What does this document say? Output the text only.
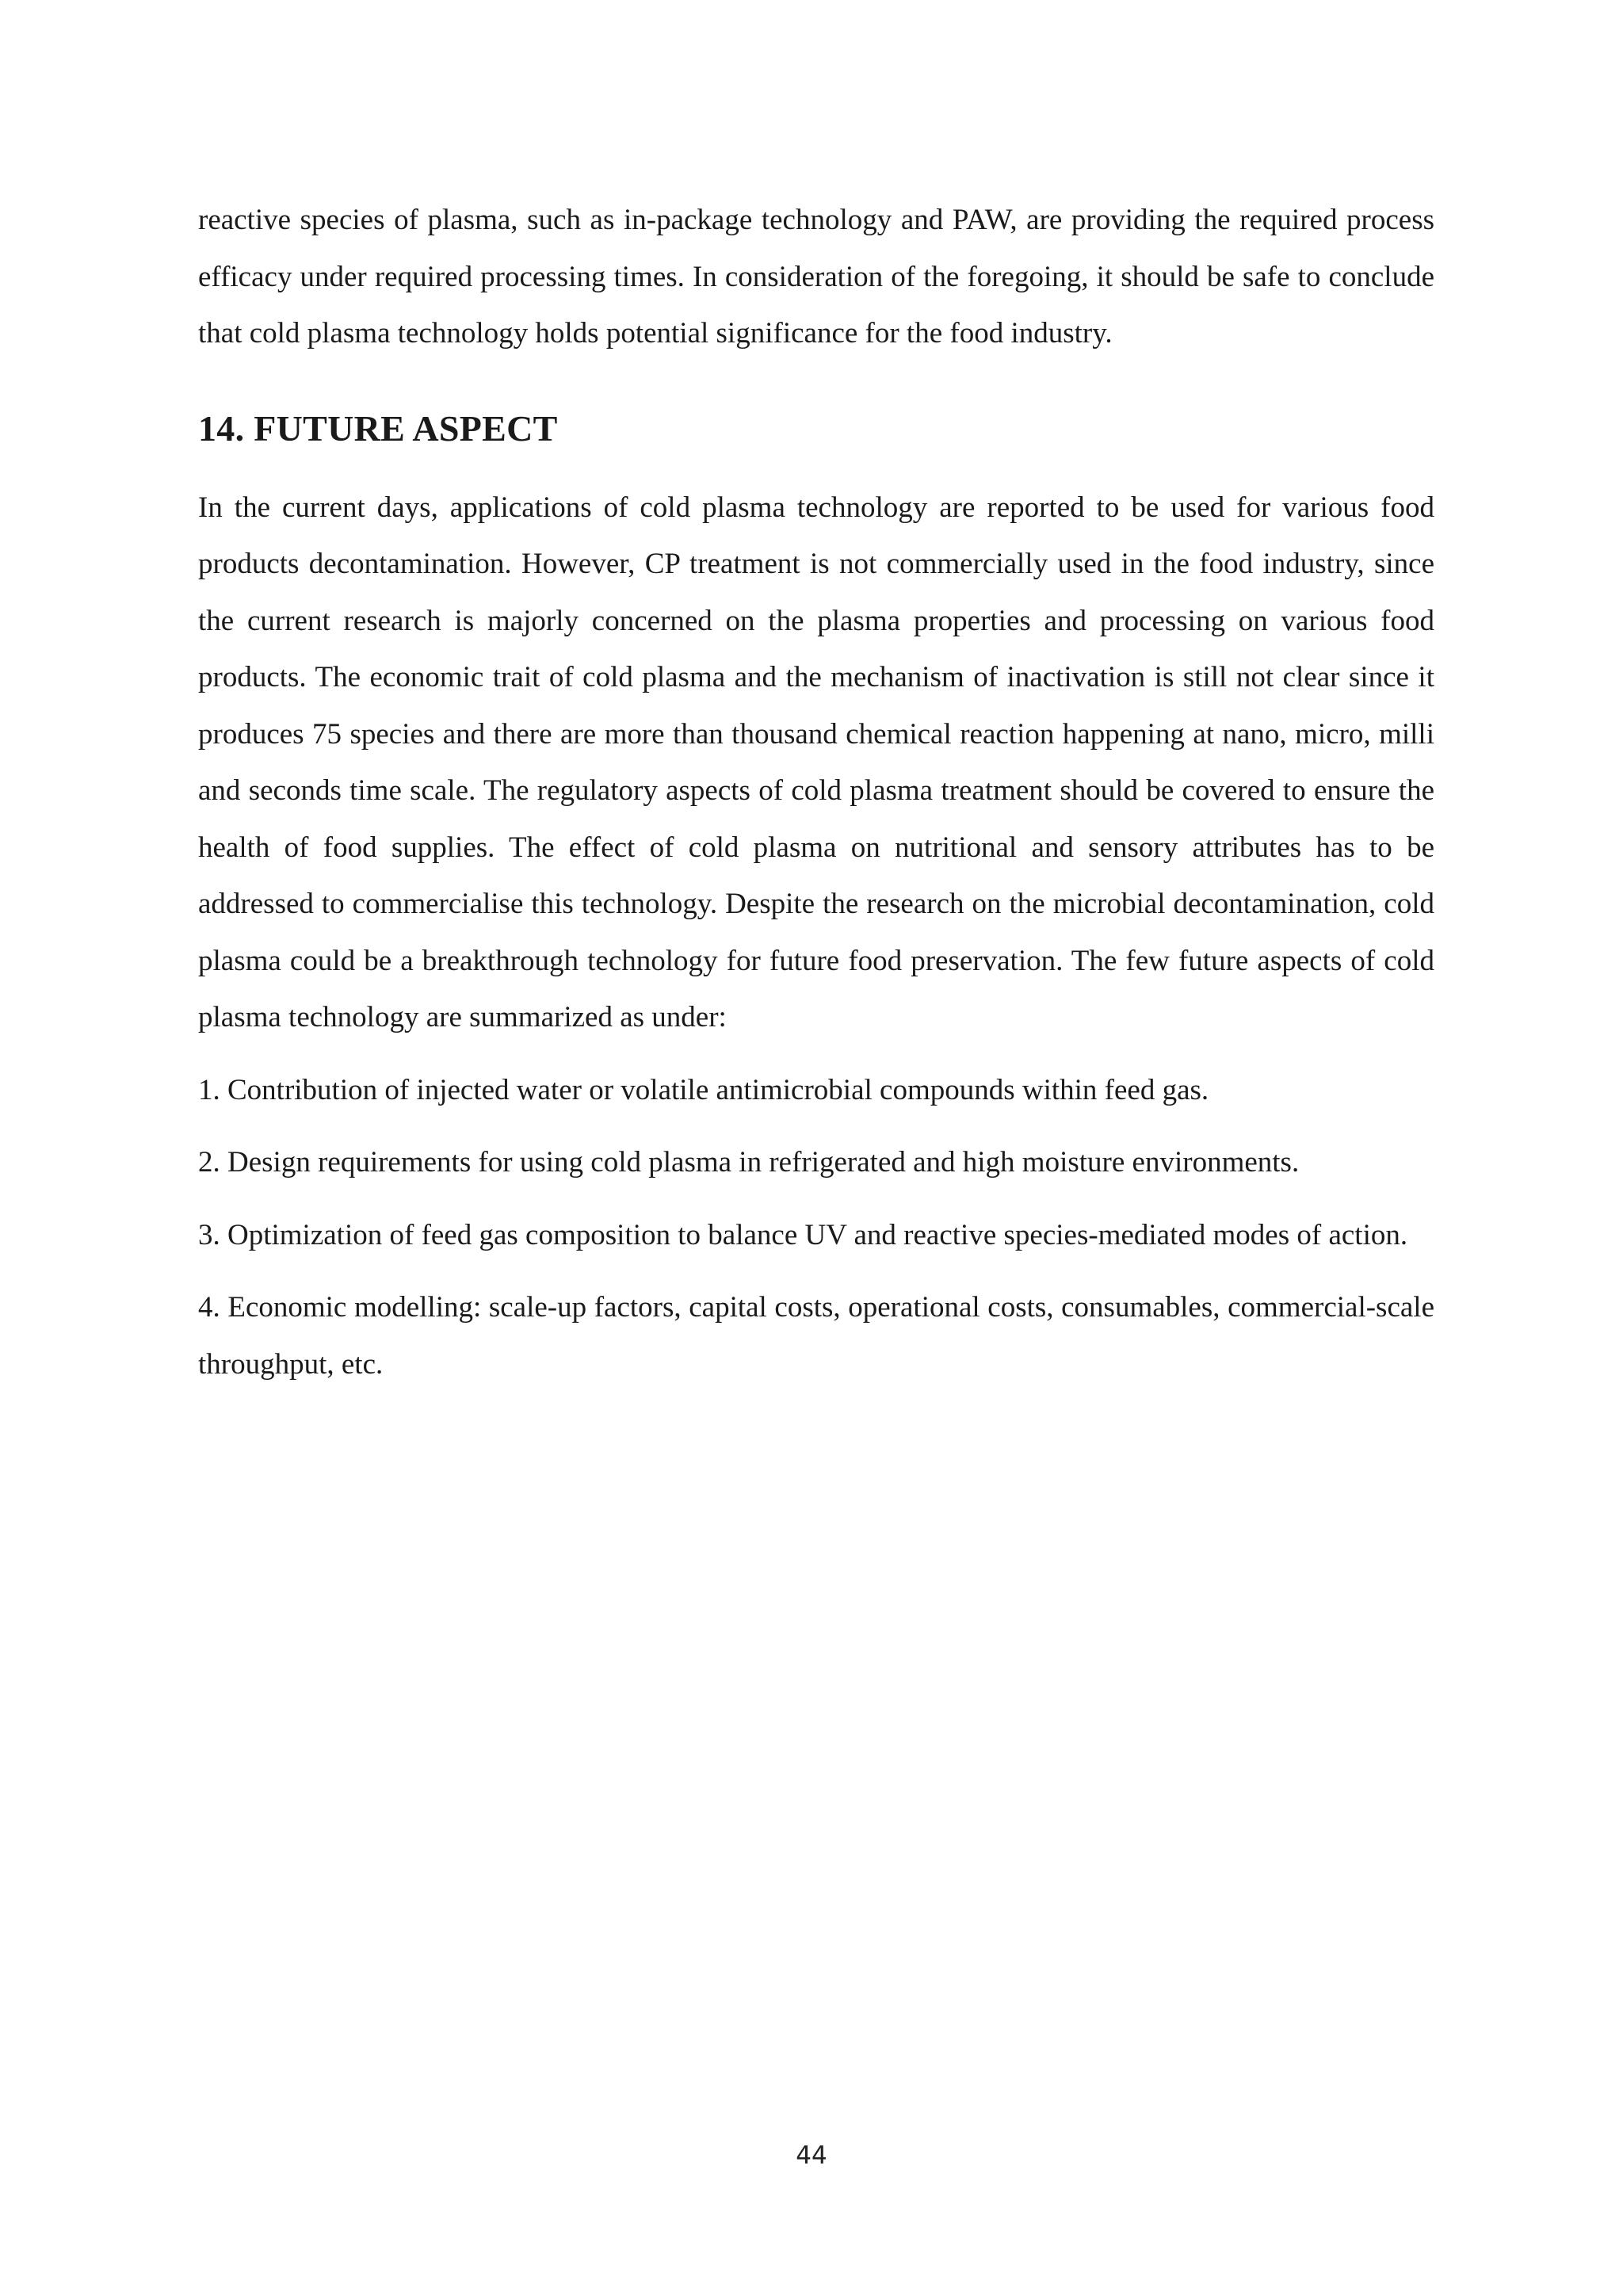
reactive species of plasma, such as in-package technology and PAW, are providing the required process efficacy under required processing times. In consideration of the foregoing, it should be safe to conclude that cold plasma technology holds potential significance for the food industry.

14. FUTURE ASPECT

In the current days, applications of cold plasma technology are reported to be used for various food products decontamination. However, CP treatment is not commercially used in the food industry, since the current research is majorly concerned on the plasma properties and processing on various food products. The economic trait of cold plasma and the mechanism of inactivation is still not clear since it produces 75 species and there are more than thousand chemical reaction happening at nano, micro, milli and seconds time scale. The regulatory aspects of cold plasma treatment should be covered to ensure the health of food supplies. The effect of cold plasma on nutritional and sensory attributes has to be addressed to commercialise this technology. Despite the research on the microbial decontamination, cold plasma could be a breakthrough technology for future food preservation. The few future aspects of cold plasma technology are summarized as under:

1. Contribution of injected water or volatile antimicrobial compounds within feed gas.

2. Design requirements for using cold plasma in refrigerated and high moisture environments.

3. Optimization of feed gas composition to balance UV and reactive species-mediated modes of action.

4. Economic modelling: scale-up factors, capital costs, operational costs, consumables, commercial-scale throughput, etc.

44
